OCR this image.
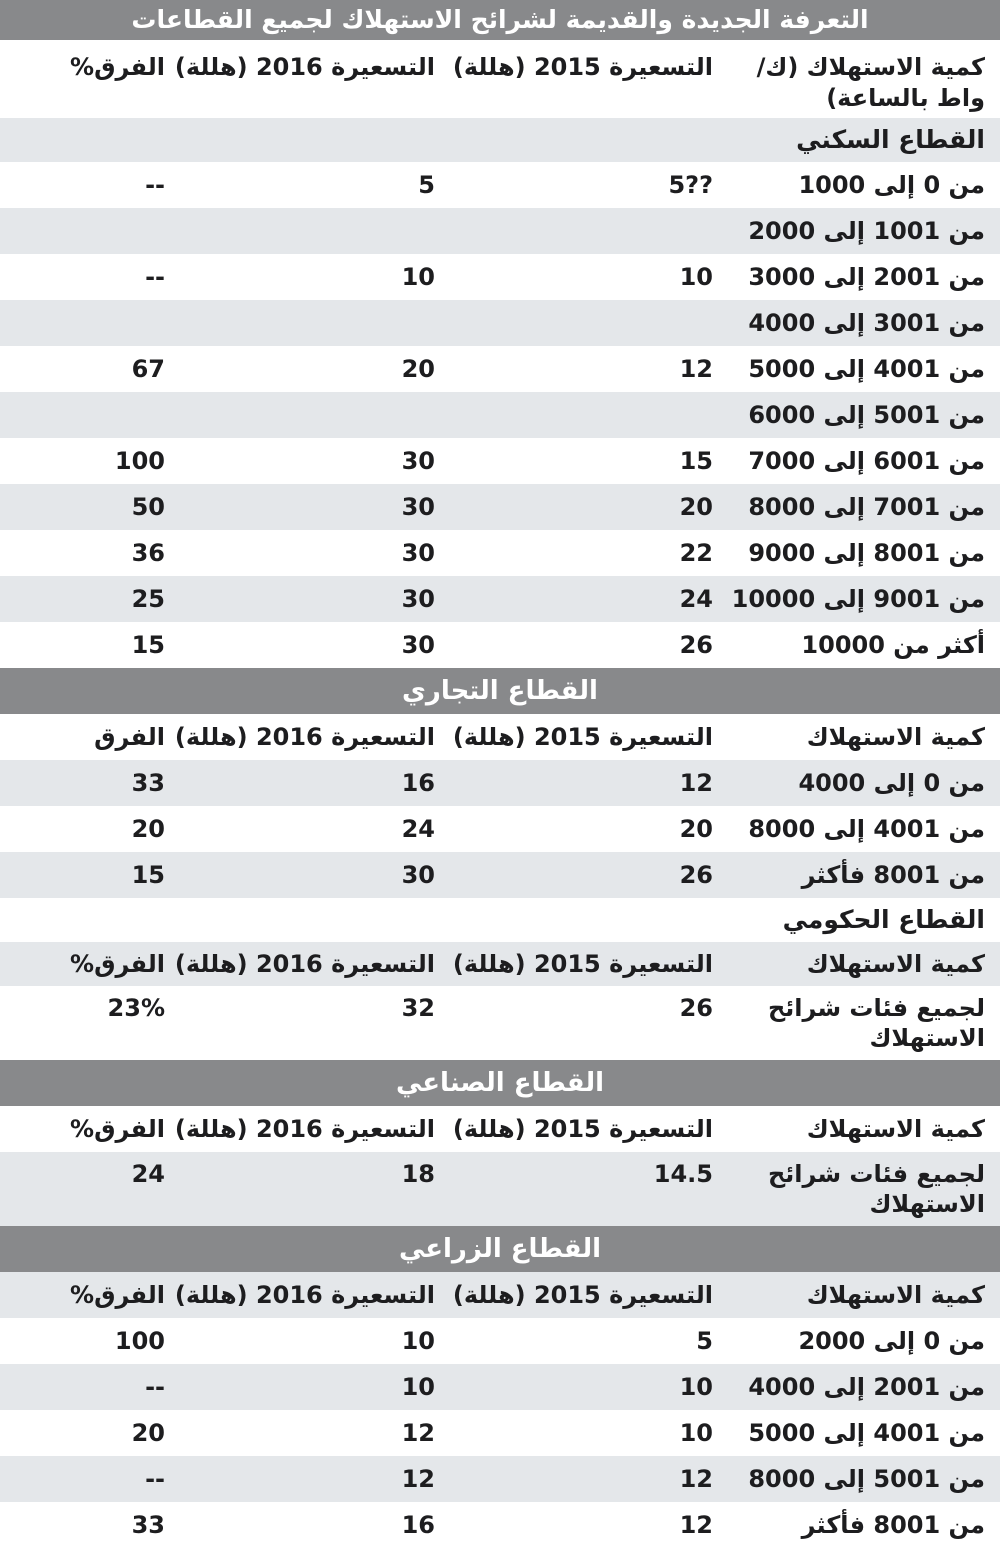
التعرفة الجديدة والقديمة لشرائح الاستهلاك لجميع القطاعات
كمية الاستهلاك (ك/ واط بالساعة)
التسعيرة 2015 (هللة)
التسعيرة 2016 (هللة)
الفرق%
القطاع السكني
من 0 إلى 1000
5??
5
--
من 1001 إلى 2000
من 2001 إلى 3000
10
10
--
من 3001 إلى 4000
من 4001 إلى 5000
12
20
67
من 5001 إلى 6000
من 6001 إلى 7000
15
30
100
من 7001 إلى 8000
20
30
50
من 8001 إلى 9000
22
30
36
من 9001 إلى 10000
24
30
25
أكثر من 10000
26
30
15
القطاع التجاري
كمية الاستهلاك
التسعيرة 2015 (هللة)
التسعيرة 2016 (هللة)
الفرق
من 0 إلى 4000
12
16
33
من 4001 إلى 8000
20
24
20
من 8001 فأكثر
26
30
15
القطاع الحكومي
كمية الاستهلاك
التسعيرة 2015 (هللة)
التسعيرة 2016 (هللة)
الفرق%
لجميع فئات شرائح الاستهلاك
26
32
23%
القطاع الصناعي
كمية الاستهلاك
التسعيرة 2015 (هللة)
التسعيرة 2016 (هللة)
الفرق%
لجميع فئات شرائح الاستهلاك
14.5
18
24
القطاع الزراعي
كمية الاستهلاك
التسعيرة 2015 (هللة)
التسعيرة 2016 (هللة)
الفرق%
من 0 إلى 2000
5
10
100
من 2001 إلى 4000
10
10
--
من 4001 إلى 5000
10
12
20
من 5001 إلى 8000
12
12
--
من 8001 فأكثر
12
16
33
